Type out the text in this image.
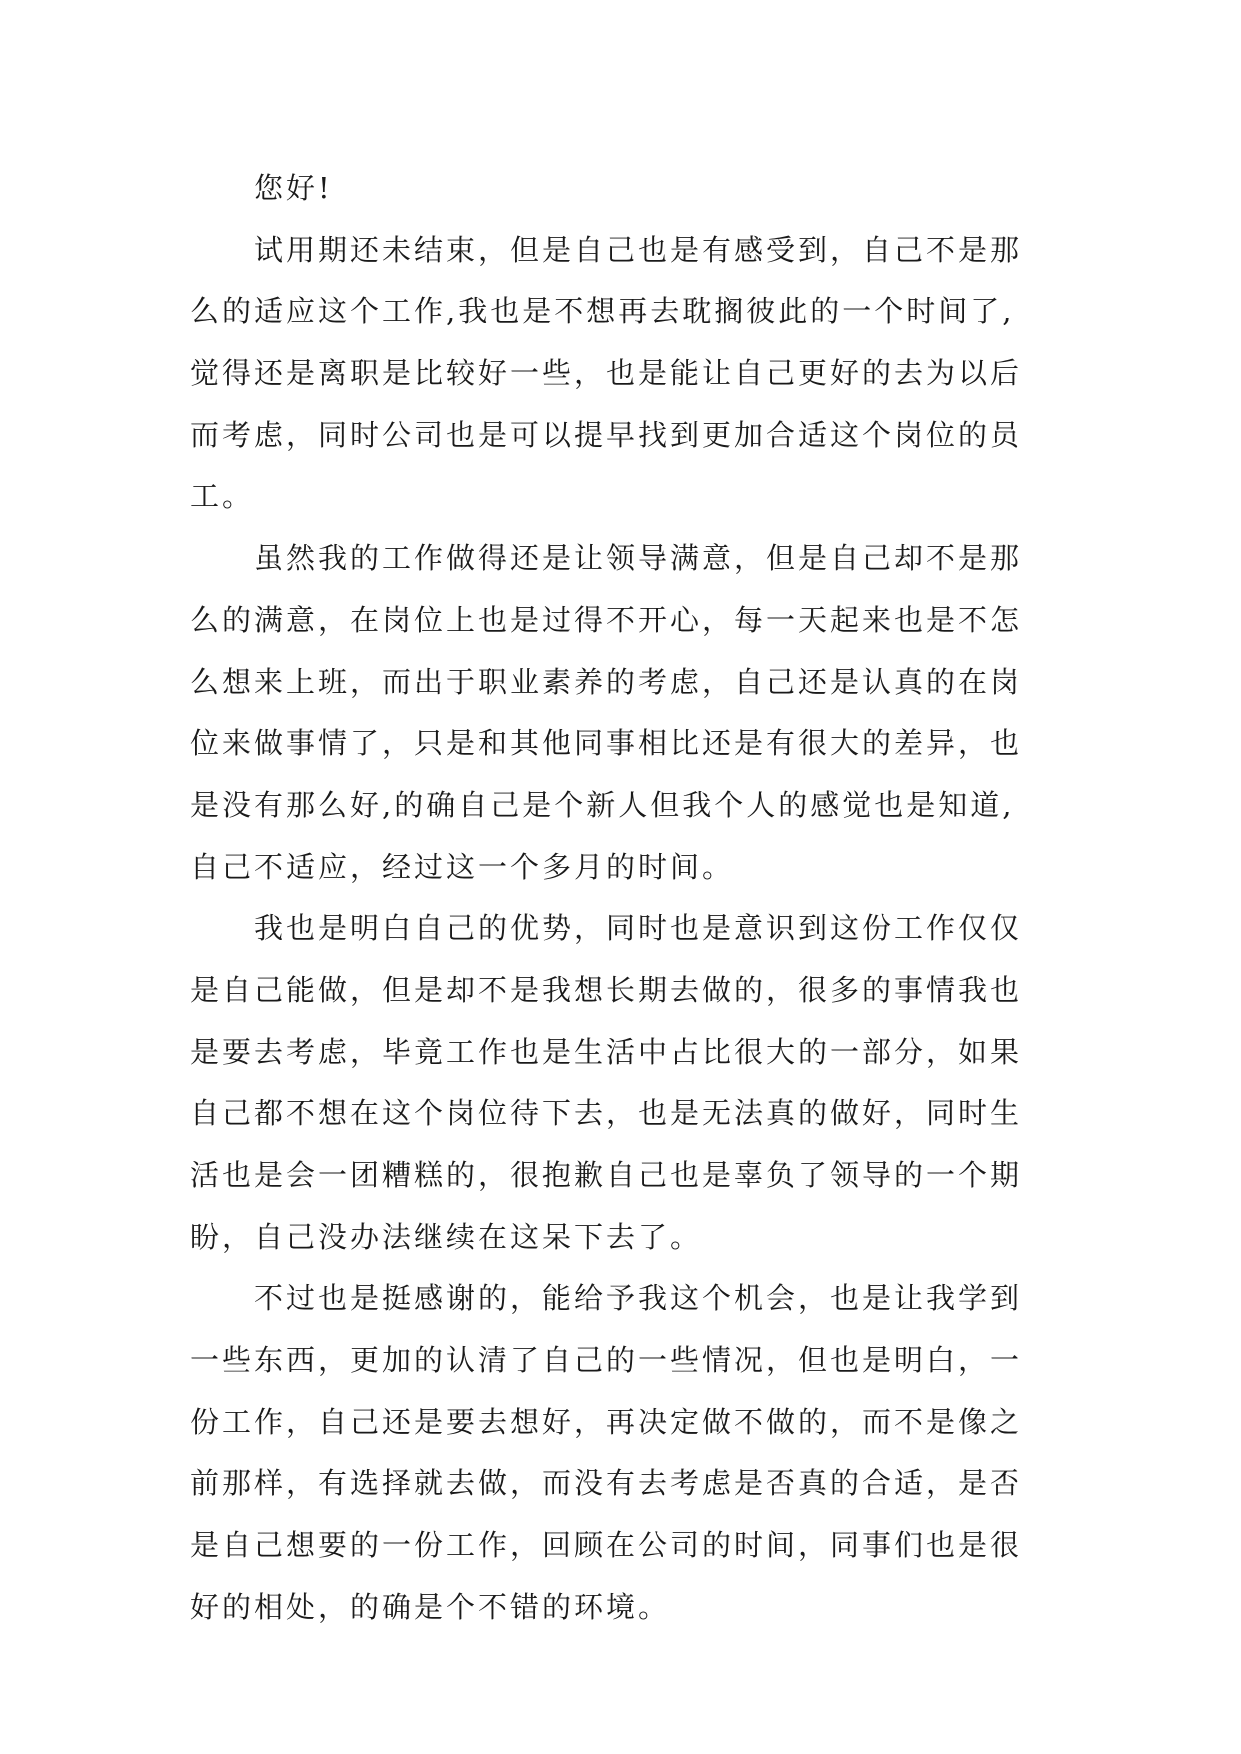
您好!
试用期还未结束，但是自己也是有感受到，自己不是那
么的适应这个工作,我也是不想再去耽搁彼此的一个时间了,
觉得还是离职是比较好一些，也是能让自己更好的去为以后
而考虑，同时公司也是可以提早找到更加合适这个岗位的员
工。
虽然我的工作做得还是让领导满意，但是自己却不是那
么的满意，在岗位上也是过得不开心，每一天起来也是不怎
么想来上班，而出于职业素养的考虑，自己还是认真的在岗
位来做事情了，只是和其他同事相比还是有很大的差异，也
是没有那么好,的确自己是个新人但我个人的感觉也是知道,
自己不适应，经过这一个多月的时间。
我也是明白自己的优势，同时也是意识到这份工作仅仅
是自己能做，但是却不是我想长期去做的，很多的事情我也
是要去考虑，毕竟工作也是生活中占比很大的一部分，如果
自己都不想在这个岗位待下去，也是无法真的做好，同时生
活也是会一团糟糕的，很抱歉自己也是辜负了领导的一个期
盼，自己没办法继续在这呆下去了。
不过也是挺感谢的，能给予我这个机会，也是让我学到
一些东西，更加的认清了自己的一些情况，但也是明白，一
份工作，自己还是要去想好，再决定做不做的，而不是像之
前那样，有选择就去做，而没有去考虑是否真的合适，是否
是自己想要的一份工作，回顾在公司的时间，同事们也是很
好的相处，的确是个不错的环境。
